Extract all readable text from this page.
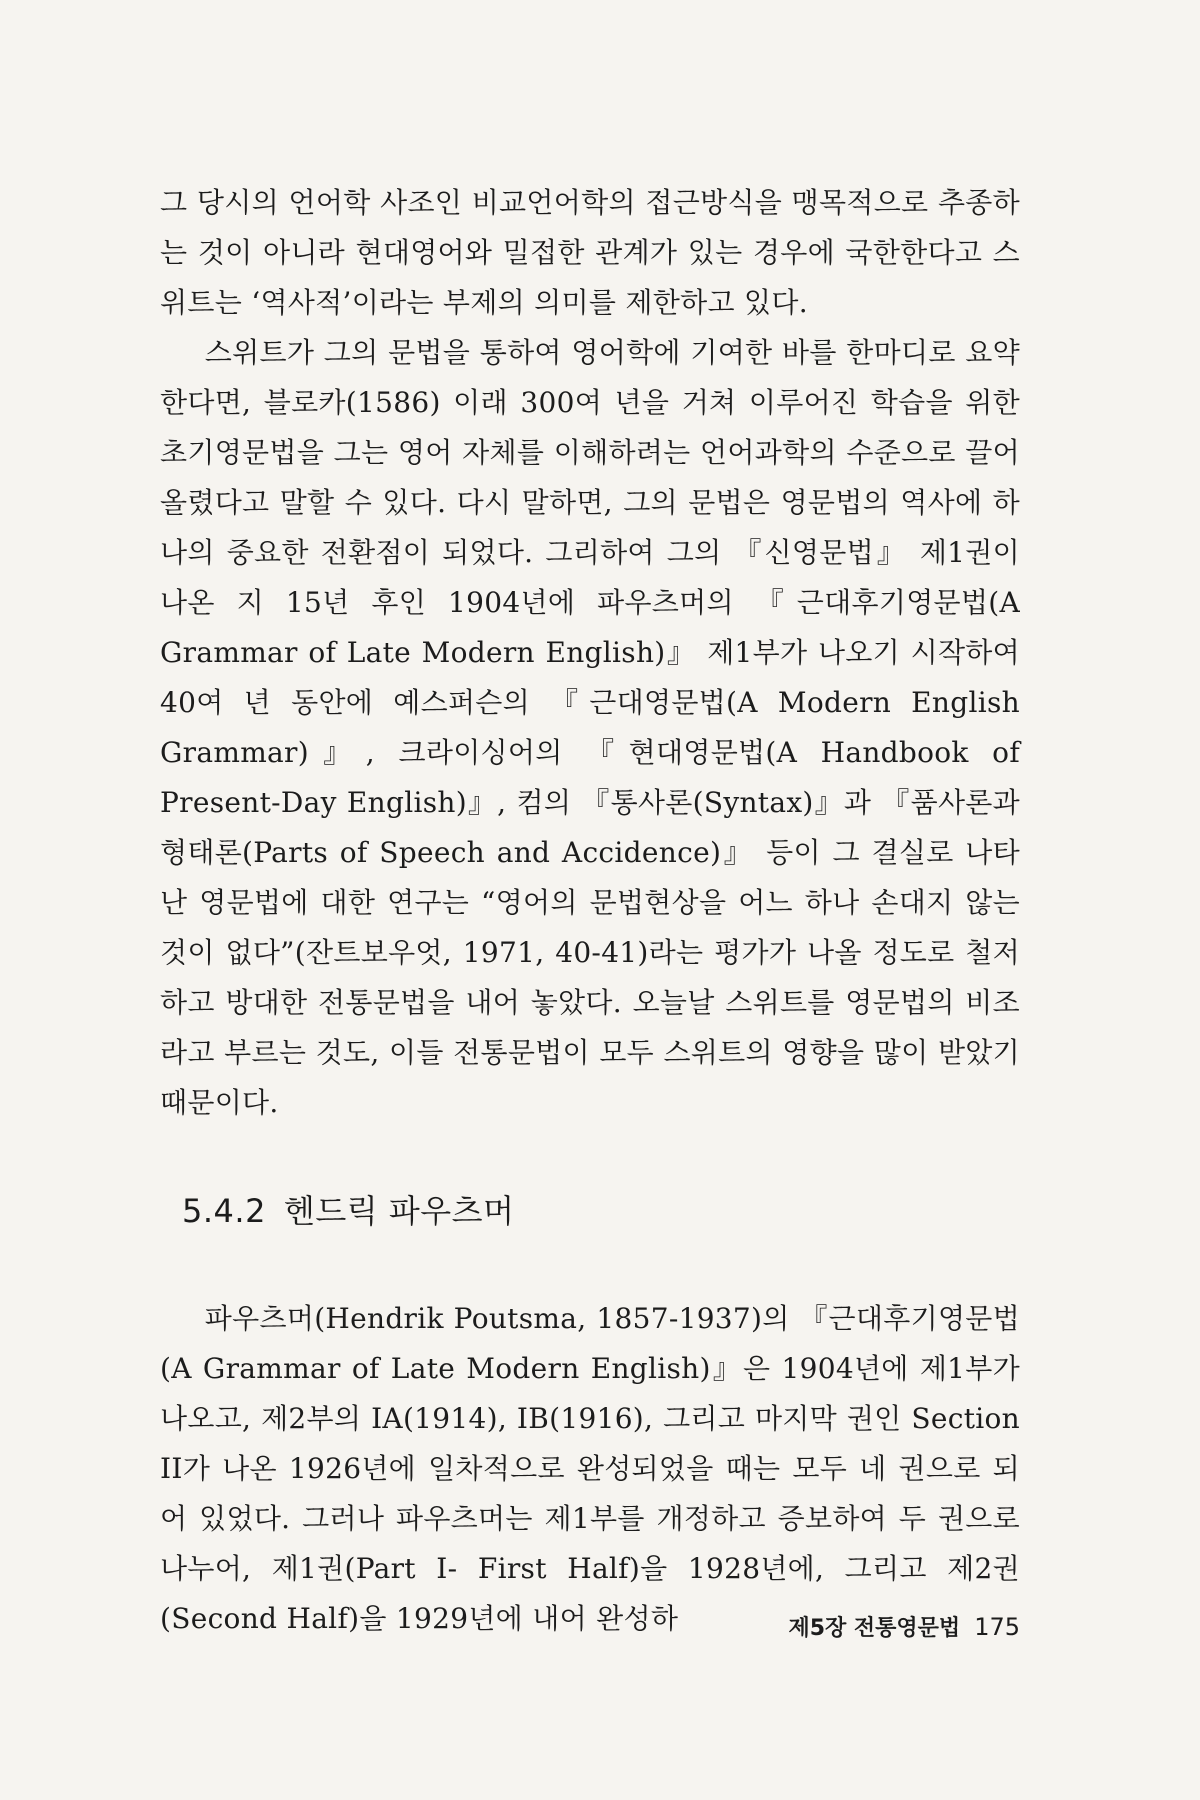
그 당시의 언어학 사조인 비교언어학의 접근방식을 맹목적으로 추종하는 것이 아니라 현대영어와 밀접한 관계가 있는 경우에 국한한다고 스위트는 ‘역사적’이라는 부제의 의미를 제한하고 있다.

스위트가 그의 문법을 통하여 영어학에 기여한 바를 한마디로 요약한다면, 블로카(1586) 이래 300여 년을 거쳐 이루어진 학습을 위한 초기영문법을 그는 영어 자체를 이해하려는 언어과학의 수준으로 끌어올렸다고 말할 수 있다. 다시 말하면, 그의 문법은 영문법의 역사에 하나의 중요한 전환점이 되었다. 그리하여 그의 『신영문법』 제1권이 나온 지 15년 후인 1904년에 파우츠머의 『근대후기영문법(A Grammar of Late Modern English)』 제1부가 나오기 시작하여 40여 년 동안에 예스퍼슨의 『근대영문법(A Modern English Grammar)』, 크라이싱어의 『현대영문법(A Handbook of Present-Day English)』, 컴의 『통사론(Syntax)』과 『품사론과 형태론(Parts of Speech and Accidence)』 등이 그 결실로 나타난 영문법에 대한 연구는 “영어의 문법현상을 어느 하나 손대지 않는 것이 없다”(잔트보우엇, 1971, 40-41)라는 평가가 나올 정도로 철저하고 방대한 전통문법을 내어 놓았다. 오늘날 스위트를 영문법의 비조라고 부르는 것도, 이들 전통문법이 모두 스위트의 영향을 많이 받았기 때문이다.

5.4.2 헨드릭 파우츠머

파우츠머(Hendrik Poutsma, 1857-1937)의 『근대후기영문법(A Grammar of Late Modern English)』은 1904년에 제1부가 나오고, 제2부의 IA(1914), IB(1916), 그리고 마지막 권인 Section II가 나온 1926년에 일차적으로 완성되었을 때는 모두 네 권으로 되어 있었다. 그러나 파우츠머는 제1부를 개정하고 증보하여 두 권으로 나누어, 제1권(Part I- First Half)을 1928년에, 그리고 제2권(Second Half)을 1929년에 내어 완성하	제5장 전통영문법 175
